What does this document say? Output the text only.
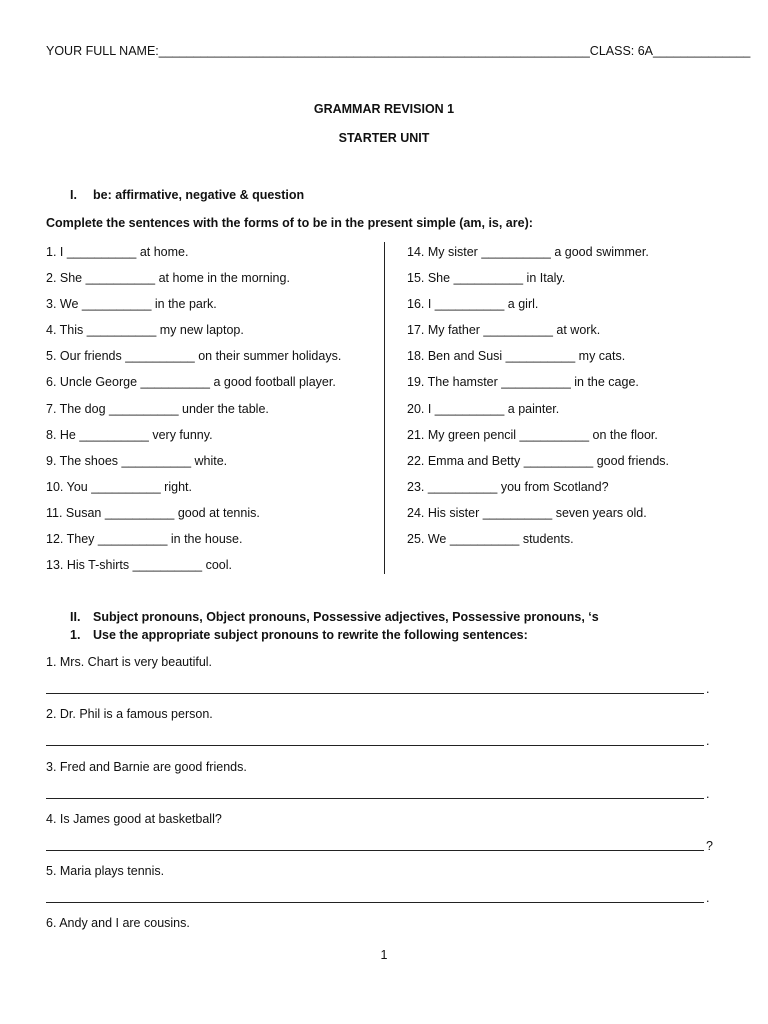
YOUR FULL NAME:______________________________________________________________CLASS: 6A______________
GRAMMAR REVISION 1
STARTER UNIT
I. be: affirmative, negative & question
Complete the sentences with the forms of to be in the present simple (am, is, are):
1. I __________ at home.
2. She __________ at home in the morning.
3. We __________ in the park.
4. This __________ my new laptop.
5. Our friends __________ on their summer holidays.
6. Uncle George __________ a good football player.
7. The dog __________ under the table.
8. He __________ very funny.
9. The shoes __________ white.
10. You __________ right.
11. Susan __________ good at tennis.
12. They __________ in the house.
13. His T-shirts __________ cool.
14. My sister __________ a good swimmer.
15. She __________ in Italy.
16. I __________ a girl.
17. My father __________ at work.
18. Ben and Susi __________ my cats.
19. The hamster __________ in the cage.
20. I __________ a painter.
21. My green pencil __________ on the floor.
22. Emma and Betty __________ good friends.
23. __________ you from Scotland?
24. His sister __________ seven years old.
25. We __________ students.
II. Subject pronouns, Object pronouns, Possessive adjectives, Possessive pronouns, ‘s
1. Use the appropriate subject pronouns to rewrite the following sentences:
1. Mrs. Chart is very beautiful.
.
2. Dr. Phil is a famous person.
.
3. Fred and Barnie are good friends.
.
4. Is James good at basketball?
?
5. Maria plays tennis.
.
6. Andy and I are cousins.
1
